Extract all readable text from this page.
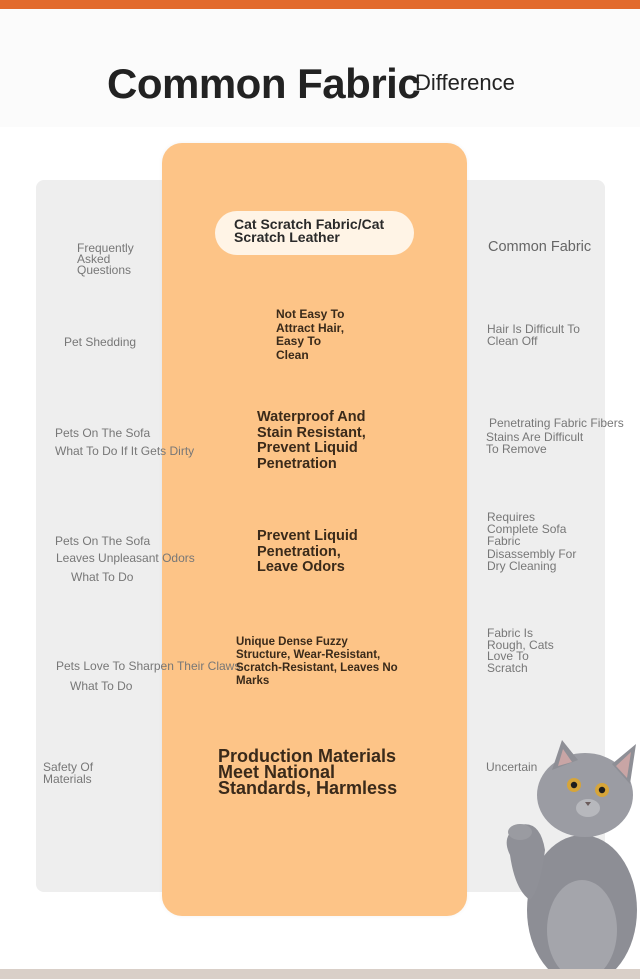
Common Fabric
Difference
Frequently
Asked
Questions
Pet Shedding
Pets On The Sofa
What To Do If It Gets Dirty
Pets On The Sofa
Leaves Unpleasant Odors
What To Do
Pets Love To Sharpen Their Claws
What To Do
Safety Of
Materials
Cat Scratch Fabric/Cat
Scratch Leather
Not Easy To
Attract Hair,
Easy To
Clean
Waterproof And
Stain Resistant,
Prevent Liquid
Penetration
Prevent Liquid
Penetration,
Leave Odors
Unique Dense Fuzzy
Structure, Wear-Resistant,
Scratch-Resistant, Leaves No
Marks
Production Materials
Meet National
Standards, Harmless
Common Fabric
Hair Is Difficult To
Clean Off
Penetrating Fabric Fibers
Stains Are Difficult
To Remove
Requires
Complete Sofa
Fabric
Disassembly For
Dry Cleaning
Fabric Is
Rough, Cats
Love To
Scratch
Uncertain
